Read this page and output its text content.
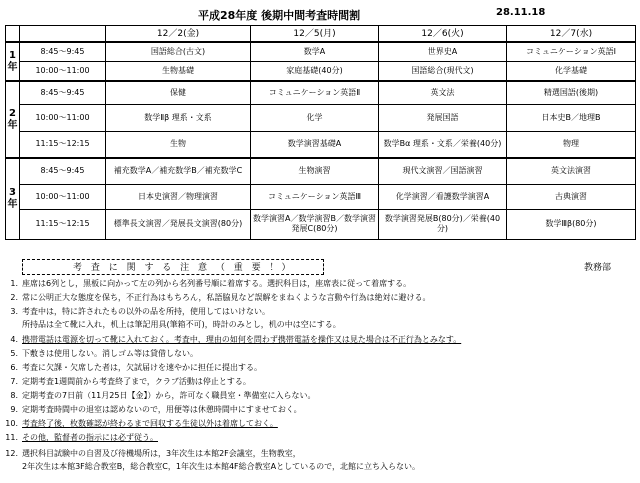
平成28年度 後期中間考査時間割	28.11.18
		12／2(金)	12／5(月)	12／6(火)	12／7(水)
1年	8:45～9:45	国語総合(古文)	数学A	世界史A	コミュニケーション英語Ⅰ
	10:00～11:00	生物基礎	家庭基礎(40分)	国語総合(現代文)	化学基礎
2年	8:45～9:45	保健	コミュニケーション英語Ⅱ	英文法	精選国語(後期)
	10:00～11:00	数学Ⅱβ 理系・文系	化学	発展国語	日本史B／地理B
	11:15～12:15	生物	数学演習基礎A	数学Bα 理系・文系／栄養(40分)	物理
3年	8:45～9:45	補充数学A／補充数学B／補充数学C	生物演習	現代文演習／国語演習	英文法演習
	10:00～11:00	日本史演習／物理演習	コミュニケーション英語Ⅲ	化学演習／看護数学演習A	古典演習
	11:15～12:15	標準長文演習／発展長文演習(80分)	数学演習A／数学演習B／数学演習発展C(80分)	数学演習発展B(80分)／栄養(40分)	数学Ⅲβ(80分)
考 査 に 関 す る 注 意 （ 重 要 ！）	教務部
1. 座席は6列とし，黒板に向かって左の列から名列番号順に着席する。選択科目は，座席表に従って着席する。
2. 常に公明正大な態度を保ち，不正行為はもちろん，私語脇見など誤解をまねくような言動や行為は絶対に避ける。
3. 考査中は，特に許されたもの以外の品を所持，使用してはいけない。
所持品は全て靴に入れ，机上は筆記用具(筆箱不可)，時計のみとし，机の中は空にする。
4. 携帯電話は電源を切って靴に入れておく。考査中，理由の如何を問わず携帯電話を操作又は見た場合は不正行為とみなす。
5. 下敷きは使用しない。消しゴム等は貸借しない。
6. 考査に欠課・欠席した者は，欠試届けを速やかに担任に提出する。
7. 定期考査1週間前から考査終了まで，クラブ活動は停止とする。
8. 定期考査の7日前（11月25日【金】）から，許可なく職員室・準備室に入らない。
9. 定期考査時間中の退室は認めないので，用便等は休憩時間中にすませておく。
10. 考査終了後，枚数確認が終わるまで回収する生徒以外は着席しておく。
11. その他，監督者の指示には必ず従う。
12. 選択科目試験中の自習及び待機場所は，3年次生は本館2F会議室，生物教室，
2年次生は本館3F総合教室B，総合教室C，1年次生は本館4F総合教室Aとしているので，北館に立ち入らない。
